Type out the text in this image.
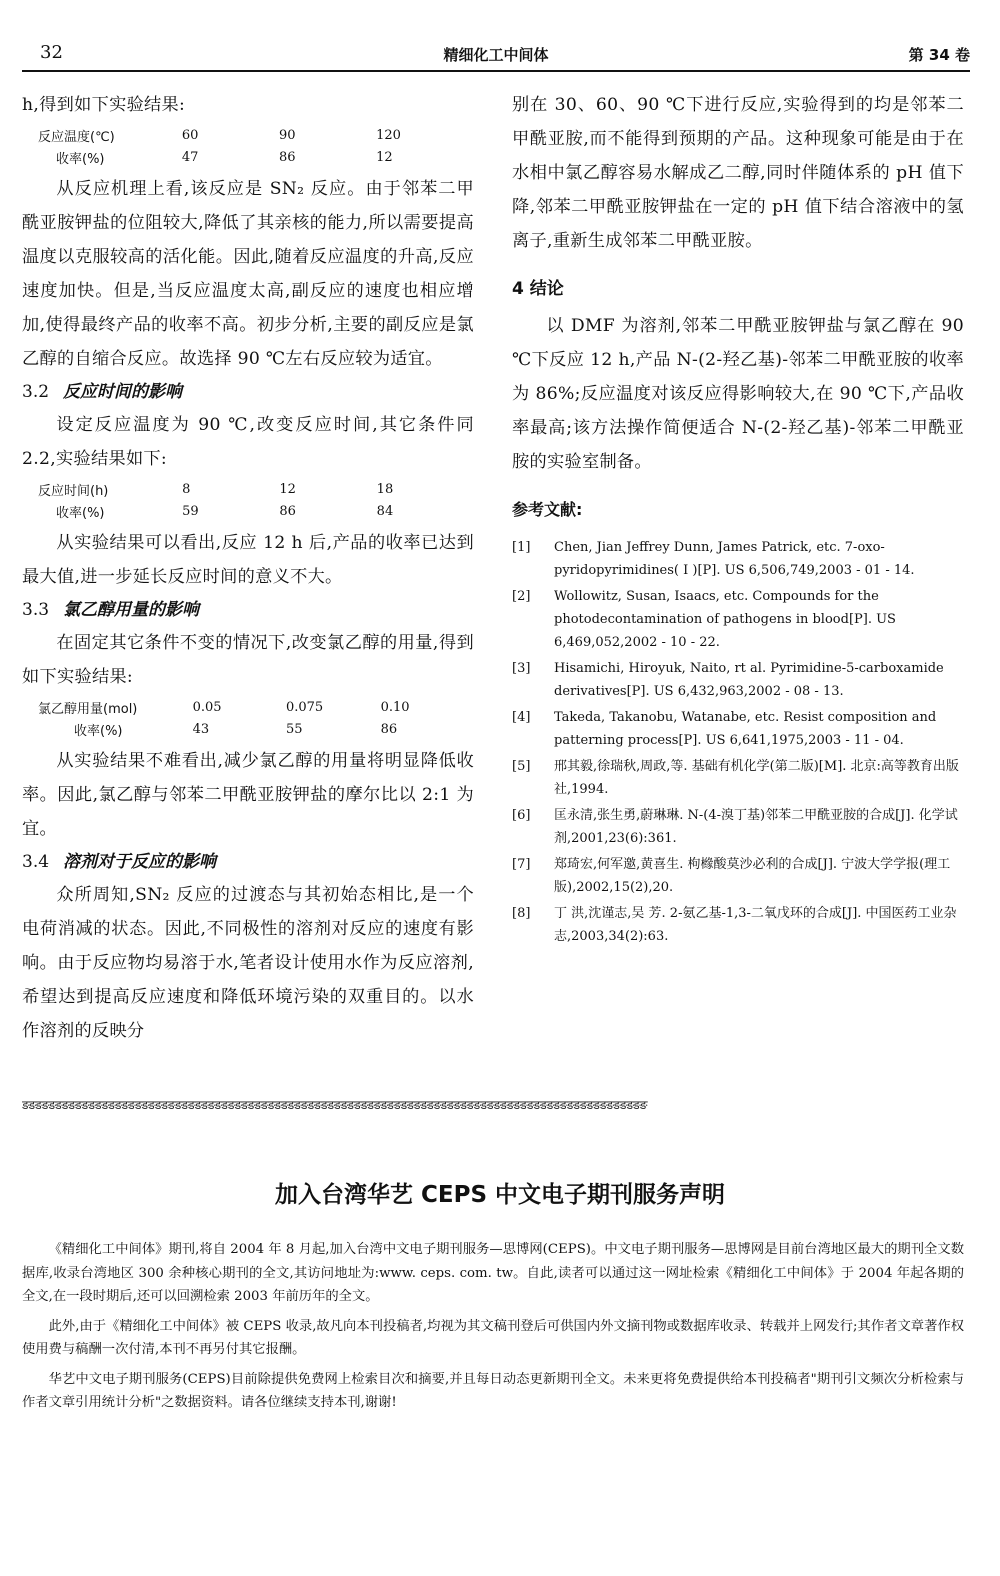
32	精细化工中间体	第 34 卷

h,得到如下实验结果:

反应温度(℃)	60	90	120
收率(%)	47	86	12

从反应机理上看,该反应是 SN₂ 反应。由于邻苯二甲酰亚胺钾盐的位阻较大,降低了其亲核的能力,所以需要提高温度以克服较高的活化能。因此,随着反应温度的升高,反应速度加快。但是,当反应温度太高,副反应的速度也相应增加,使得最终产品的收率不高。初步分析,主要的副反应是氯乙醇的自缩合反应。故选择 90 ℃左右反应较为适宜。

3.2 反应时间的影响

设定反应温度为 90 ℃,改变反应时间,其它条件同 2.2,实验结果如下:

反应时间(h)	8	12	18
收率(%)	59	86	84

从实验结果可以看出,反应 12 h 后,产品的收率已达到最大值,进一步延长反应时间的意义不大。

3.3 氯乙醇用量的影响

在固定其它条件不变的情况下,改变氯乙醇的用量,得到如下实验结果:

氯乙醇用量(mol)	0.05	0.075	0.10
收率(%)	43	55	86

从实验结果不难看出,减少氯乙醇的用量将明显降低收率。因此,氯乙醇与邻苯二甲酰亚胺钾盐的摩尔比以 2:1 为宜。

3.4 溶剂对于反应的影响

众所周知,SN₂ 反应的过渡态与其初始态相比,是一个电荷消减的状态。因此,不同极性的溶剂对反应的速度有影响。由于反应物均易溶于水,笔者设计使用水作为反应溶剂,希望达到提高反应速度和降低环境污染的双重目的。以水作溶剂的反映分

别在 30、60、90 ℃下进行反应,实验得到的均是邻苯二甲酰亚胺,而不能得到预期的产品。这种现象可能是由于在水相中氯乙醇容易水解成乙二醇,同时伴随体系的 pH 值下降,邻苯二甲酰亚胺钾盐在一定的 pH 值下结合溶液中的氢离子,重新生成邻苯二甲酰亚胺。

4 结论

以 DMF 为溶剂,邻苯二甲酰亚胺钾盐与氯乙醇在 90 ℃下反应 12 h,产品 N-(2-羟乙基)-邻苯二甲酰亚胺的收率为 86%;反应温度对该反应得影响较大,在 90 ℃下,产品收率最高;该方法操作简便适合 N-(2-羟乙基)-邻苯二甲酰亚胺的实验室制备。

参考文献:

[1] Chen, Jian Jeffrey Dunn, James Patrick, etc. 7-oxo-pyridopyrimidines( Ⅰ )[P]. US 6,506,749,2003 - 01 - 14.
[2] Wollowitz, Susan, Isaacs, etc. Compounds for the photodecontamination of pathogens in blood[P]. US 6,469,052,2002 - 10 - 22.
[3] Hisamichi, Hiroyuk, Naito, rt al. Pyrimidine-5-carboxamide derivatives[P]. US 6,432,963,2002 - 08 - 13.
[4] Takeda, Takanobu, Watanabe, etc. Resist composition and patterning process[P]. US 6,641,1975,2003 - 11 - 04.
[5] 邢其毅,徐瑞秋,周政,等. 基础有机化学(第二版)[M]. 北京:高等教育出版社,1994.
[6] 匡永清,张生勇,蔚琳琳. N-(4-溴丁基)邻苯二甲酰亚胺的合成[J]. 化学试剂,2001,23(6):361.
[7] 郑琦宏,何军邀,黄喜生. 枸橼酸莫沙必利的合成[J]. 宁波大学学报(理工版),2002,15(2),20.
[8] 丁 洪,沈谨志,吴 芳. 2-氨乙基-1,3-二氧戊环的合成[J]. 中国医药工业杂志,2003,34(2):63.
ङङङङङङङङङङङङङङङङङङङङङङङङङङङङङङङङङङङङङङङङङङङङङङङङङङङङङङङङङङङङङङङङङङङङङङङङङङङङङङङङङङङङङङङङङङङङङङ
加入台湾华艺 CEPS 中文电子期刊服务声明

《精细化工中间体》期刊,将自 2004 年 8 月起,加入台湾中文电子期刊服务—思博网(CEPS)。中文电子期刊服务—思博网是目前台湾地区最大的期刊全文数据库,收录台湾地区 300 余种核心期刊的全文,其访问地址为:www. ceps. com. tw。自此,读者可以通过这一网址检索《精细化工中间体》于 2004 年起各期的全文,在一段时期后,还可以回溯检索 2003 年前历年的全文。

此外,由于《精细化工中间体》被 CEPS 收录,故凡向本刊投稿者,均视为其文稿刊登后可供国内外文摘刊物或数据库收录、转载并上网发行;其作者文章著作权使用费与稿酬一次付清,本刊不再另付其它报酬。

华艺中文电子期刊服务(CEPS)目前除提供免费网上检索目次和摘要,并且每日动态更新期刊全文。未来更将免费提供给本刊投稿者"期刊引文频次分析检索与作者文章引用统计分析"之数据资料。请各位继续支持本刊,谢谢!
